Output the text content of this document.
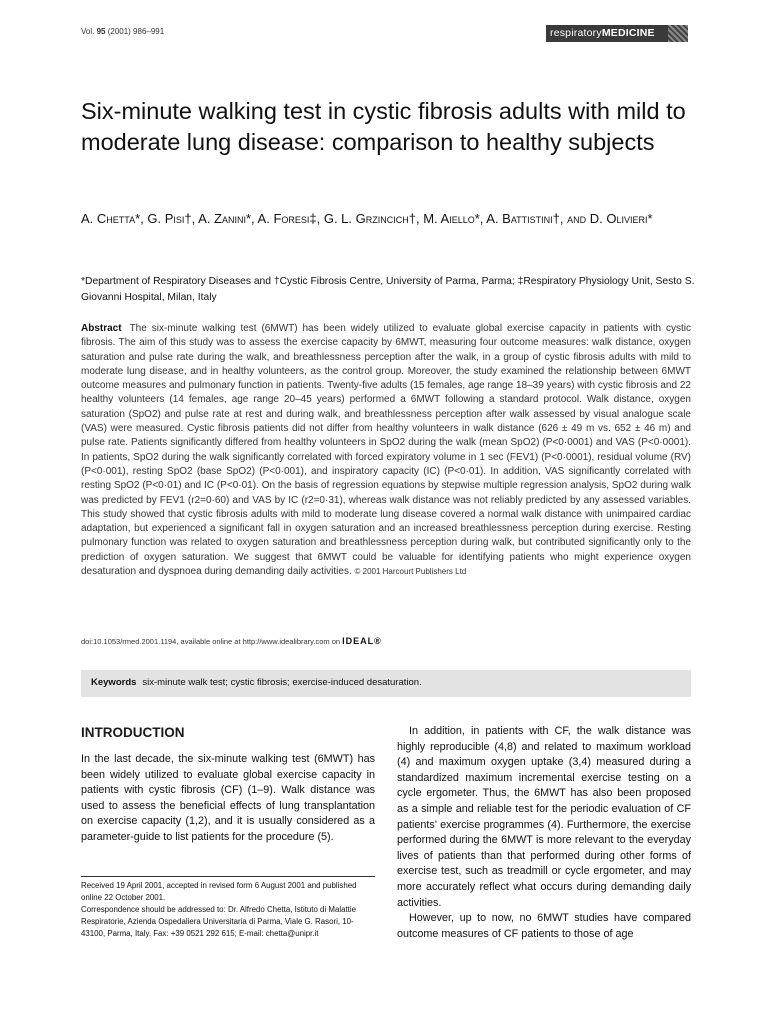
Vol. 95 (2001) 986–991	respiratoryMEDICINE
Six-minute walking test in cystic fibrosis adults with mild to moderate lung disease: comparison to healthy subjects
A. Chetta*, G. Pisi†, A. Zanini*, A. Foresi‡, G. L. Grzincich†, M. Aiello*, A. Battistini†, and D. Olivieri*
*Department of Respiratory Diseases and †Cystic Fibrosis Centre, University of Parma, Parma; ‡Respiratory Physiology Unit, Sesto S. Giovanni Hospital, Milan, Italy

Abstract The six-minute walking test (6MWT) has been widely utilized to evaluate global exercise capacity in patients with cystic fibrosis. The aim of this study was to assess the exercise capacity by 6MWT, measuring four outcome measures: walk distance, oxygen saturation and pulse rate during the walk, and breathlessness perception after the walk, in a group of cystic fibrosis adults with mild to moderate lung disease, and in healthy volunteers, as the control group. Moreover, the study examined the relationship between 6MWT outcome measures and pulmonary function in patients. Twenty-five adults (15 females, age range 18–39 years) with cystic fibrosis and 22 healthy volunteers (14 females, age range 20–45 years) performed a 6MWT following a standard protocol. Walk distance, oxygen saturation (SpO2) and pulse rate at rest and during walk, and breathlessness perception after walk assessed by visual analogue scale (VAS) were measured. Cystic fibrosis patients did not differ from healthy volunteers in walk distance (626 ± 49 m vs. 652 ± 46 m) and pulse rate. Patients significantly differed from healthy volunteers in SpO2 during the walk (mean SpO2) (P<0·0001) and VAS (P<0·0001). In patients, SpO2 during the walk significantly correlated with forced expiratory volume in 1 sec (FEV1) (P<0·0001), residual volume (RV) (P<0·001), resting SpO2 (base SpO2) (P<0·001), and inspiratory capacity (IC) (P<0·01). In addition, VAS significantly correlated with resting SpO2 (P<0·01) and IC (P<0·01). On the basis of regression equations by stepwise multiple regression analysis, SpO2 during walk was predicted by FEV1 (r2=0·60) and VAS by IC (r2=0·31), whereas walk distance was not reliably predicted by any assessed variables. This study showed that cystic fibrosis adults with mild to moderate lung disease covered a normal walk distance with unimpaired cardiac adaptation, but experienced a significant fall in oxygen saturation and an increased breathlessness perception during exercise. Resting pulmonary function was related to oxygen saturation and breathlessness perception during walk, but contributed significantly only to the prediction of oxygen saturation. We suggest that 6MWT could be valuable for identifying patients who might experience oxygen desaturation and dyspnoea during demanding daily activities. © 2001 Harcourt Publishers Ltd

doi:10.1053/rmed.2001.1194, available online at http://www.idealibrary.com on IDEAL®
Keywords six-minute walk test; cystic fibrosis; exercise-induced desaturation.
INTRODUCTION

In the last decade, the six-minute walking test (6MWT) has been widely utilized to evaluate global exercise capacity in patients with cystic fibrosis (CF) (1–9). Walk distance was used to assess the beneficial effects of lung transplantation on exercise capacity (1,2), and it is usually considered as a parameter-guide to list patients for the procedure (5).

Received 19 April 2001, accepted in revised form 6 August 2001 and published online 22 October 2001.

Correspondence should be addressed to: Dr. Alfredo Chetta, Istituto di Malattie Respiratorie, Azienda Ospedaliera Universitaria di Parma, Viale G. Rasori, 10-43100, Parma, Italy. Fax: +39 0521 292 615; E-mail: chetta@unipr.it

In addition, in patients with CF, the walk distance was highly reproducible (4,8) and related to maximum workload (4) and maximum oxygen uptake (3,4) measured during a standardized maximum incremental exercise testing on a cycle ergometer. Thus, the 6MWT has also been proposed as a simple and reliable test for the periodic evaluation of CF patients' exercise programmes (4). Furthermore, the exercise performed during the 6MWT is more relevant to the everyday lives of patients than that performed during other forms of exercise test, such as treadmill or cycle ergometer, and may more accurately reflect what occurs during demanding daily activities.

However, up to now, no 6MWT studies have compared outcome measures of CF patients to those of age
